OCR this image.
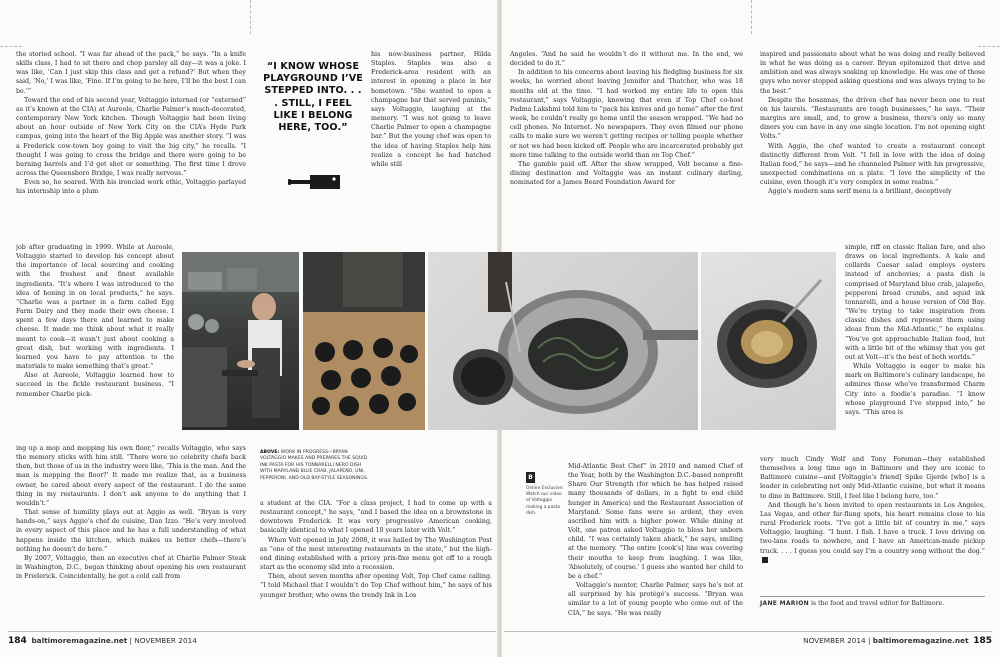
the storied school. “I was far ahead of the pack,” he says. “In a knife skills class, I had to sit there and chop parsley all day—it was a joke. I was like, ‘Can I just skip this class and get a refund?’ But when they said, ‘No,’ I was like, ‘Fine. If I’m going to be here, I’ll be the best I can be.’”

Toward the end of his second year, Voltaggio interned (or “externed” as it’s known at the CIA) at Aureole, Charlie Palmer’s much-decorated, contemporary New York kitchen. Though Voltaggio had been living about an hour outside of New York City on the CIA’s Hyde Park campus, going into the heart of the Big Apple was another story. “I was a Frederick cow-town boy going to visit the big city,” he recalls. “I thought I was going to cross the bridge and there were going to be burning barrels and I’d get shot or something. The first time I drove across the Queensboro Bridge, I was really nervous.”

Even so, he soared. With his ironclad work ethic, Voltaggio parlayed his internship into a plum

job after graduating in 1999. While at Aureole, Voltaggio started to develop his concept about the importance of local sourcing and cooking with the freshest and finest available ingredients. “It’s where I was introduced to the idea of honing in on local products,” he says. “Charlie was a partner in a farm called Egg Farm Dairy and they made their own cheese. I spent a few days there and learned to make cheese. It made me think about what it really meant to cook—it wasn’t just about cooking a great dish, but working with ingredients. I learned you have to pay attention to the materials to make something that’s great.”

Also at Aureole, Voltaggio learned how to succeed in the fickle restaurant business. “I remember Charlie pick-

ing up a mop and mopping his own floor,” recalls Voltaggio, who says the memory sticks with him still. “There were no celebrity chefs back then, but those of us in the industry were like, ‘This is the man. And the man is mopping the floor?’ It made me realize that, as a business owner, he cared about every aspect of the restaurant. I do the same thing in my restaurants. I don’t ask anyone to do anything that I wouldn’t.”

That sense of humility plays out at Aggio as well. “Bryan is very hands-on,” says Aggio’s chef de cuisine, Dan Izzo. “He’s very involved in every aspect of this place and he has a full understanding of what happens inside the kitchen, which makes us better chefs—there’s nothing he doesn’t do here.”

By 2007, Voltaggio, then an executive chef at Charlie Palmer Steak in Washington, D.C., began thinking about opening his own restaurant in Frederick. Coincidentally, he got a cold call from

“I KNOW WHOSE PLAYGROUND I’VE STEPPED INTO. . . . STILL, I FEEL LIKE I BELONG HERE, TOO.”

his now-business partner, Hilda Staples. Staples was also a Frederick-area resident with an interest in opening a place in her hometown. “She wanted to open a champagne bar that served paninis,” says Voltaggio, laughing at the memory. “I was not going to leave Charlie Palmer to open a champagne bar.” But the young chef was open to the idea of having Staples help him realize a concept he had hatched while still

a student at the CIA. “For a class project, I had to come up with a restaurant concept,” he says, “and I based the idea on a brownstone in downtown Frederick. It was very progressive American cooking, basically identical to what I opened 10 years later with Volt.”

When Volt opened in July 2008, it was hailed by The Washington Post as “one of the most interesting restaurants in the state,” but the high-end dining established with a pricey prix-fixe menu got off to a rough start as the economy slid into a recession.

Then, about seven months after opening Volt, Top Chef came calling. “I told Michael that I wouldn’t do Top Chef without him,” he says of his younger brother, who owns the trendy Ink in Los

Angeles. “And he said he wouldn’t do it without me. In the end, we decided to do it.”

In addition to his concerns about leaving his fledgling business for six weeks, he worried about leaving Jennifer and Thatcher, who was 18 months old at the time. “I had worked my entire life to open this restaurant,” says Voltaggio, knowing that even if Top Chef co-host Padma Lakshmi told him to “pack his knives and go home” after the first week, he couldn’t really go home until the season wrapped. “We had no cell phones. No Internet. No newspapers. They even filmed our phone calls to make sure we weren’t getting recipes or telling people whether or not we had been kicked off. People who are incarcerated probably get more time talking to the outside world than on Top Chef.”

The gamble paid off. After the show wrapped, Volt became a fine-dining destination and Voltaggio was an instant culinary darling, nominated for a James Beard Foundation Award for

Mid-Atlantic Best Chef” in 2010 and named Chef of the Year, both by the Washington D.C.-based nonprofit Share Our Strength (for which he has helped raised many thousands of dollars, in a fight to end child hunger in America) and the Restaurant Association of Maryland. Some fans were so ardent, they even ascribed him with a higher power. While dining at Volt, one patron asked Voltaggio to bless her unborn child. “I was certainly taken aback,” he says, smiling at the memory. “The entire [cook’s] line was covering their mouths to keep from laughing. I was like, ‘Absolutely, of course.’ I guess she wanted her child to be a chef.”

Voltaggio’s mentor, Charlie Palmer, says he’s not at all surprised by his protégé’s success. “Bryan was similar to a lot of young people who come out of the CIA,” he says. “He was really

inspired and passionate about what he was doing and really believed in what he was doing as a career. Bryan epitomized that drive and ambition and was always soaking up knowledge. He was one of those guys who never stopped asking questions and was always trying to be the best.”

Despite the hosannas, the driven chef has never been one to rest on his laurels. “Restaurants are tough businesses,” he says. “Their margins are small, and, to grow a business, there’s only so many diners you can have in any one single location. I’m not opening eight Volts.”

With Aggio, the chef wanted to create a restaurant concept distinctly different from Volt. “I fell in love with the idea of doing Italian food,” he says—and he channeled Palmer with his progressive, unexpected combinations on a plate. “I love the simplicity of the cuisine, even though it’s very complex in some realms.”

Aggio’s modern sans serif menu is a brilliant, deceptively

simple, riff on classic Italian fare, and also draws on local ingredients. A kale and collards Caesar salad employs oysters instead of anchovies; a pasta dish is comprised of Maryland blue crab, jalapeño, pepperoni bread crumbs, and squid ink tonnarelli, and a house version of Old Bay. “We’re trying to take inspiration from classic dishes and represent them using ideas from the Mid-Atlantic,” he explains. “You’ve got approachable Italian food, but with a little bit of the whimsy that you get out at Volt—it’s the best of both worlds.”

While Voltaggio is eager to make his mark on Baltimore’s culinary landscape, he admires those who’ve transformed Charm City into a foodie’s paradise. “I know whose playground I’ve stepped into,” he says. “This area is

very much Cindy Wolf and Tony Foreman—they established themselves a long time ago in Baltimore and they are iconic to Baltimore cuisine—and [Voltaggio’s friend] Spike Gjerde [who] is a leader in celebrating not only Mid-Atlantic cuisine, but what it means to dine in Baltimore. Still, I feel like I belong here, too.”

And though he’s been invited to open restaurants in Los Angeles, Las Vegas, and other far-flung spots, his heart remains close to his rural Frederick roots. “I’ve got a little bit of country in me,” says Voltaggio, laughing. “I hunt. I fish. I have a truck. I love driving on two-lane roads to nowhere, and I have an American-made pickup truck. . . . I guess you could say I’m a country song without the dog.”

ABOVE: WORK IN PROGRESS—BRYAN VOLTAGGIO MAKES AND PREPARES THE SQUID INK PASTA FOR HIS TONNARELLI NERO DISH WITH MARYLAND BLUE CRAB, JALAPEÑO, UNI, PEPPERONI, AND OLD BAY-STYLE SEASONINGS.	B
Online Exclusive: Watch our video of Voltaggio making a pasta dish.
JANE MARION is the food and travel editor for Baltimore.
184 baltimoremagazine.net | NOVEMBER 2014	NOVEMBER 2014 | baltimoremagazine.net 185
